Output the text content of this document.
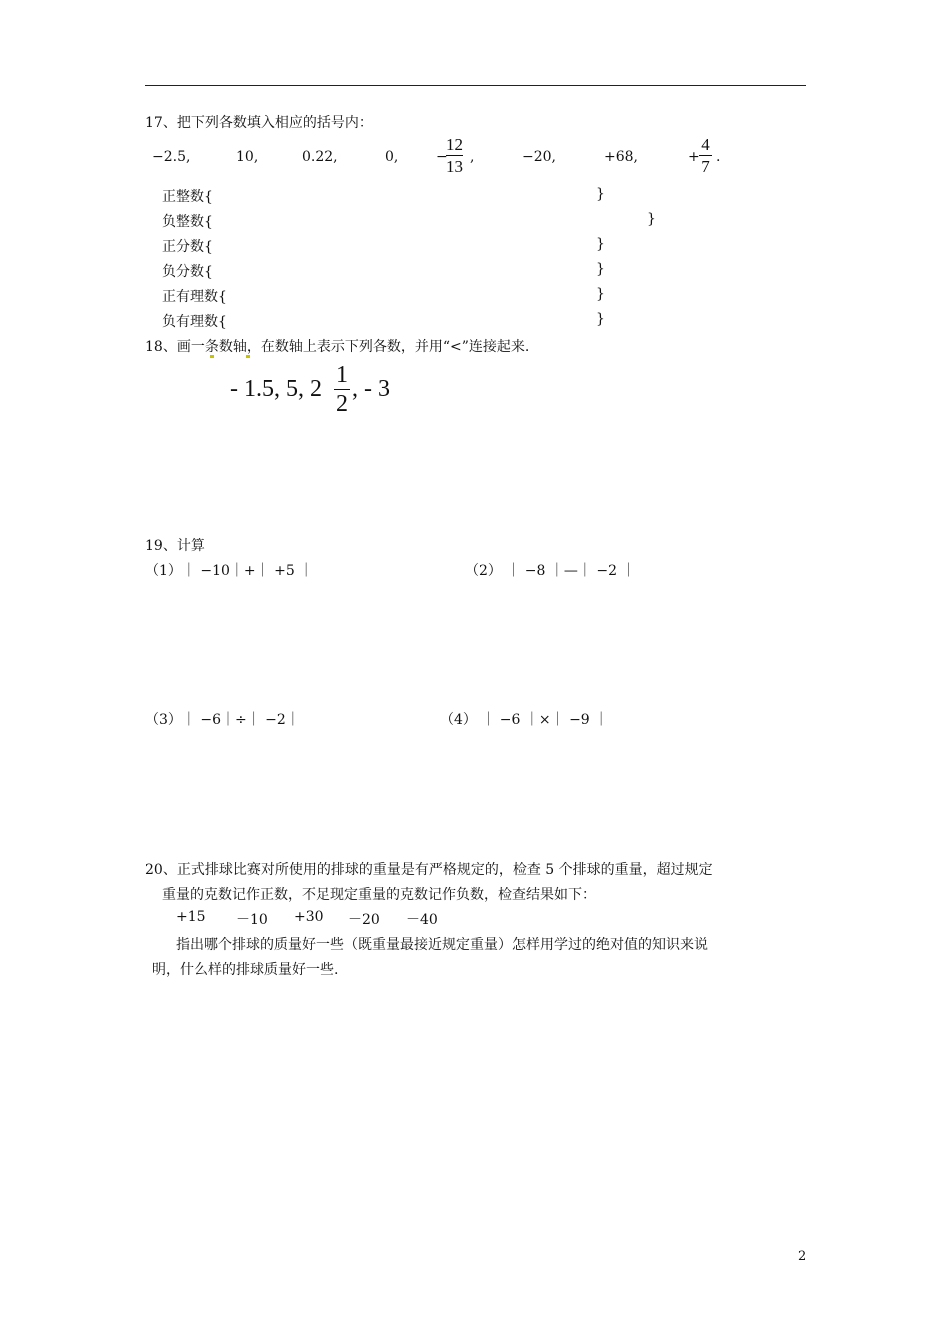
17、把下列各数填入相应的括号内：
−2.5,	10,	0.22,	0,	−
12
13 ,	−20,	+68,	+
4
7 .
正整数{	}
负整数{	}
正分数{	}
负分数{	}
正有理数{	}
负有理数{	}
18、画一条数轴，在数轴上表示下列各数，并用“<”连接起来.
- 1.5, 5, 2
1
2
, - 3
19、计算
（1）｜ −10｜+｜ +5 ｜	（2） ｜ −8 ｜—｜ −2 ｜
（3）｜ −6｜÷｜ −2｜	（4） ｜ −6 ｜×｜ −9 ｜
20、正式排球比赛对所使用的排球的重量是有严格规定的，检查 5 个排球的重量，超过规定
重量的克数记作正数，不足现定重量的克数记作负数，检查结果如下：
+15 －10 +30 －20 －40
指出哪个排球的质量好一些（既重量最接近规定重量）怎样用学过的绝对值的知识来说
明，什么样的排球质量好一些.
2
